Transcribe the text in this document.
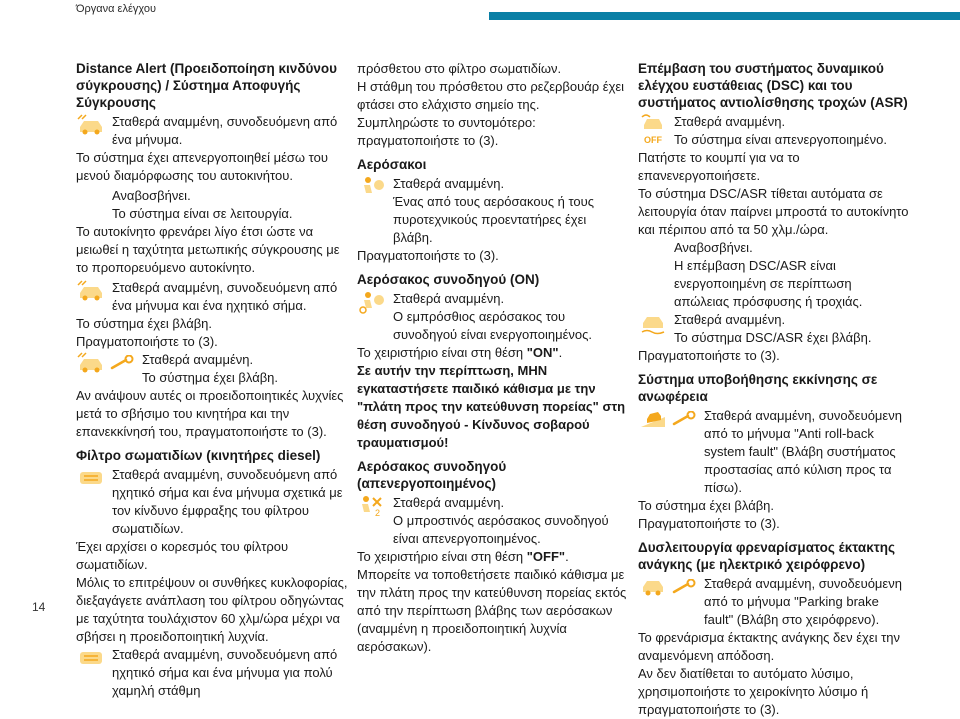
Όργανα ελέγχου
Distance Alert (Προειδοποίηση κινδύνου σύγκρουσης) / Σύστημα Αποφυγής Σύγκρουσης

Σταθερά αναμμένη, συνοδευόμενη από ένα μήνυμα.

Το σύστημα έχει απενεργοποιηθεί μέσω του μενού διαμόρφωσης του αυτοκινήτου.

Αναβοσβήνει.

Το σύστημα είναι σε λειτουργία.

Το αυτοκίνητο φρενάρει λίγο έτσι ώστε να μειωθεί η ταχύτητα μετωπικής σύγκρουσης με το προπορευόμενο αυτοκίνητο.

Σταθερά αναμμένη, συνοδευόμενη από ένα μήνυμα και ένα ηχητικό σήμα.

Το σύστημα έχει βλάβη.

Πραγματοποιήστε το (3).

Σταθερά αναμμένη.

Το σύστημα έχει βλάβη.

Αν ανάψουν αυτές οι προειδοποιητικές λυχνίες μετά το σβήσιμο του κινητήρα και την επανεκκίνησή του, πραγματοποιήστε το (3).

Φίλτρο σωματιδίων (κινητήρες diesel)

Σταθερά αναμμένη, συνοδευόμενη από ηχητικό σήμα και ένα μήνυμα σχετικά με τον κίνδυνο έμφραξης του φίλτρου σωματιδίων.

Έχει αρχίσει ο κορεσμός του φίλτρου σωματιδίων.

Μόλις το επιτρέψουν οι συνθήκες κυκλοφορίας, διεξαγάγετε ανάπλαση του φίλτρου οδηγώντας με ταχύτητα τουλάχιστον 60 χλμ/ώρα μέχρι να σβήσει η προειδοποιητική λυχνία.

Σταθερά αναμμένη, συνοδευόμενη από ηχητικό σήμα και ένα μήνυμα για πολύ χαμηλή στάθμη

πρόσθετου στο φίλτρο σωματιδίων.

Η στάθμη του πρόσθετου στο ρεζερβουάρ έχει φτάσει στο ελάχιστο σημείο της.

Συμπληρώστε το συντομότερο: πραγματοποιήστε το (3).

Αερόσακοι

Σταθερά αναμμένη.

Ένας από τους αερόσακους ή τους πυροτεχνικούς προεντατήρες έχει βλάβη.

Πραγματοποιήστε το (3).

Αερόσακος συνοδηγού (ON)

Σταθερά αναμμένη.

Ο εμπρόσθιος αερόσακος του συνοδηγού είναι ενεργοποιημένος.

Το χειριστήριο είναι στη θέση "ON".

Σε αυτήν την περίπτωση, ΜΗΝ εγκαταστήσετε παιδικό κάθισμα με την "πλάτη προς την κατεύθυνση πορείας" στη θέση συνοδηγού - Κίνδυνος σοβαρού τραυματισμού!

Αερόσακος συνοδηγού (απενεργοποιημένος)
2

Σταθερά αναμμένη.

Ο μπροστινός αερόσακος συνοδηγού είναι απενεργοποιημένος.

Το χειριστήριο είναι στη θέση "OFF".

Μπορείτε να τοποθετήσετε παιδικό κάθισμα με την πλάτη προς την κατεύθυνση πορείας εκτός από την περίπτωση βλάβης των αερόσακων (αναμμένη η προειδοποιητική λυχνία αερόσακων).

Επέμβαση του συστήματος δυναμικού ελέγχου ευστάθειας (DSC) και του συστήματος αντιολίσθησης τροχών (ASR)
OFF

Σταθερά αναμμένη.

Το σύστημα είναι απενεργοποιημένο.

Πατήστε το κουμπί για να το επανενεργοποιήσετε.

Το σύστημα DSC/ASR τίθεται αυτόματα σε λειτουργία όταν παίρνει μπροστά το αυτοκίνητο και πέριπου από τα 50 χλμ./ώρα.

Αναβοσβήνει.

Η επέμβαση DSC/ASR είναι ενεργοποιημένη σε περίπτωση απώλειας πρόσφυσης ή τροχιάς.

Σταθερά αναμμένη.

Το σύστημα DSC/ASR έχει βλάβη.

Πραγματοποιήστε το (3).

Σύστημα υποβοήθησης εκκίνησης σε ανωφέρεια

Σταθερά αναμμένη, συνοδευόμενη από το μήνυμα "Anti roll-back system fault" (Βλάβη συστήματος προστασίας από κύλιση προς τα πίσω).

Το σύστημα έχει βλάβη.

Πραγματοποιήστε το (3).

Δυσλειτουργία φρεναρίσματος έκτακτης ανάγκης (με ηλεκτρικό χειρόφρενο)

Σταθερά αναμμένη, συνοδευόμενη από το μήνυμα "Parking brake fault" (Βλάβη στο χειρόφρενο).

Το φρενάρισμα έκτακτης ανάγκης δεν έχει την αναμενόμενη απόδοση.

Αν δεν διατίθεται το αυτόματο λύσιμο, χρησιμοποιήστε το χειροκίνητο λύσιμο ή πραγματοποιήστε το (3).

14
